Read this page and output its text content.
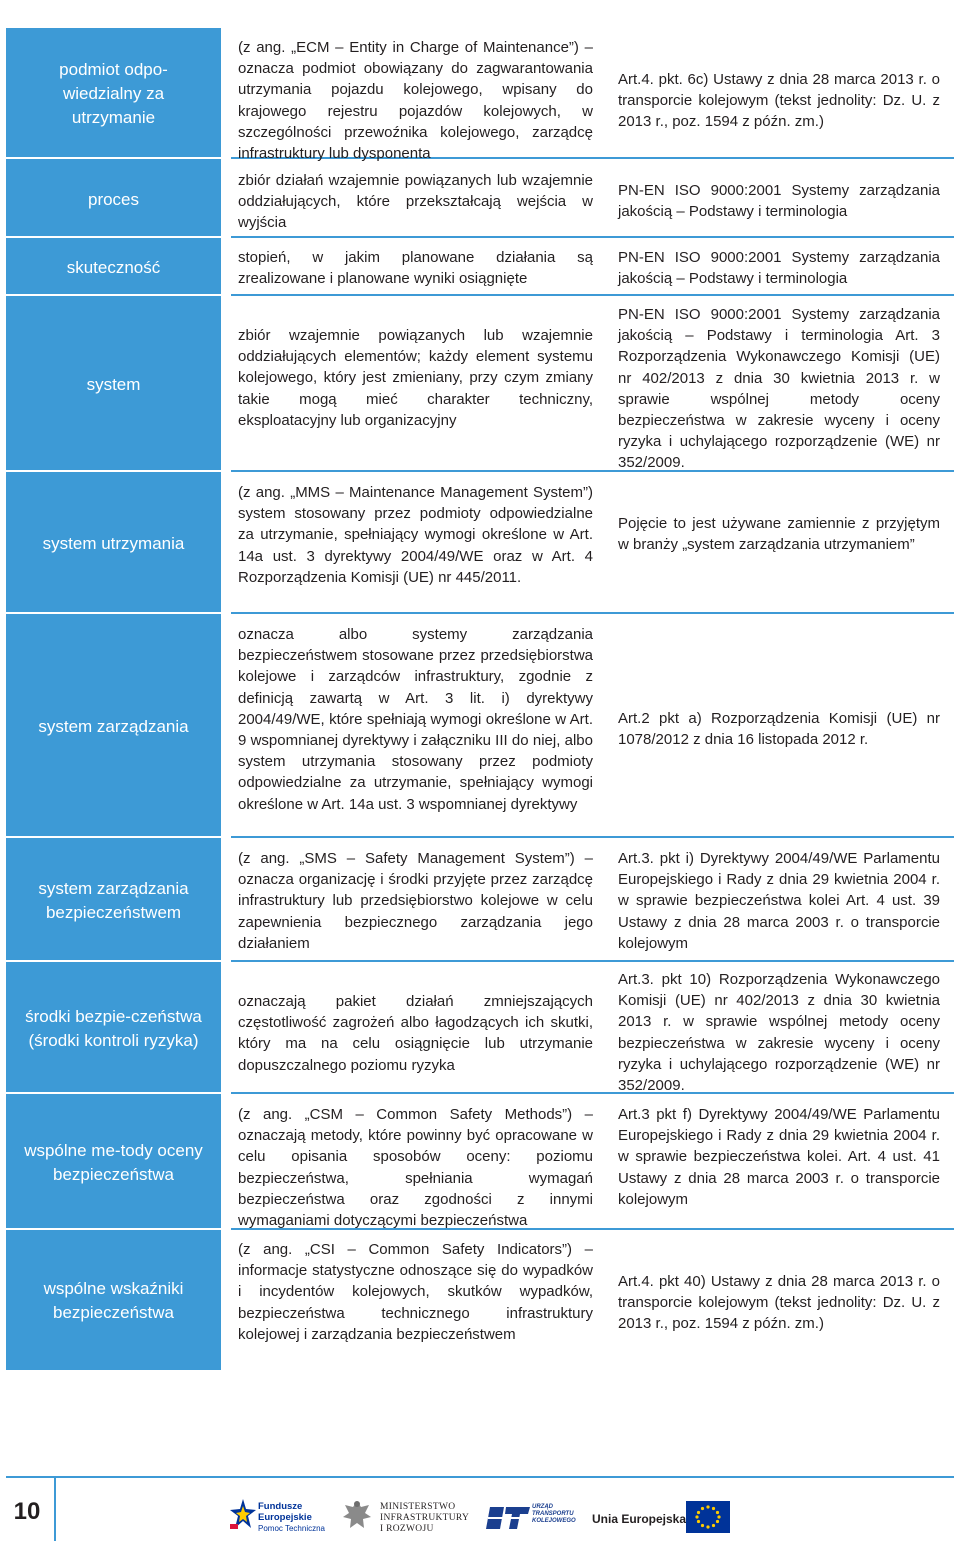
podmiot odpo-wiedzialny za utrzymanie

(z ang. „ECM – Entity in Charge of Maintenance”) – oznacza podmiot obowiązany do zagwarantowania utrzymania pojazdu kolejowego, wpisany do krajowego rejestru pojazdów kolejowych, w szczególności przewoźnika kolejowego, zarządcę infrastruktury lub dysponenta

Art.4. pkt. 6c) Ustawy z dnia 28 marca 2013 r. o transporcie kolejowym (tekst jednolity: Dz. U. z 2013 r., poz. 1594 z późn. zm.)

proces

zbiór działań wzajemnie powiązanych lub wzajemnie oddziałujących, które przekształcają wejścia w wyjścia

PN-EN ISO 9000:2001 Systemy zarządzania jakością – Podstawy i terminologia

skuteczność

stopień, w jakim planowane działania są zrealizowane i planowane wyniki osiągnięte

PN-EN ISO 9000:2001 Systemy zarządzania jakością – Podstawy i terminologia

system

zbiór wzajemnie powiązanych lub wzajemnie oddziałujących elementów; każdy element systemu kolejowego, który jest zmieniany, przy czym zmiany takie mogą mieć charakter techniczny, eksploatacyjny lub organizacyjny

PN-EN ISO 9000:2001 Systemy zarządzania jakością – Podstawy i terminologia Art. 3 Rozporządzenia Wykonawczego Komisji (UE) nr 402/2013 z dnia 30 kwietnia 2013 r. w sprawie wspólnej metody oceny bezpieczeństwa w zakresie wyceny i oceny ryzyka i uchylającego rozporządzenie (WE) nr 352/2009.

system utrzymania

(z ang. „MMS – Maintenance Management System”) system stosowany przez podmioty odpowiedzialne za utrzymanie, spełniający wymogi określone w Art. 14a ust. 3 dyrektywy 2004/49/WE oraz w Art. 4 Rozporządzenia Komisji (UE) nr 445/2011.

Pojęcie to jest używane zamiennie z przyjętym w branży „system zarządzania utrzymaniem”

system zarządzania

oznacza albo systemy zarządzania bezpieczeństwem stosowane przez przedsiębiorstwa kolejowe i zarządców infrastruktury, zgodnie z definicją zawartą w Art. 3 lit. i) dyrektywy 2004/49/WE, które spełniają wymogi określone w Art. 9 wspomnianej dyrektywy i załączniku III do niej, albo system utrzymania stosowany przez podmioty odpowiedzialne za utrzymanie, spełniający wymogi określone w Art. 14a ust. 3 wspomnianej dyrektywy

Art.2 pkt a) Rozporządzenia Komisji (UE) nr 1078/2012 z dnia 16 listopada 2012 r.

system zarządzania bezpieczeństwem

(z ang. „SMS – Safety Management System”) – oznacza organizację i środki przyjęte przez zarządcę infrastruktury lub przedsiębiorstwo kolejowe w celu zapewnienia bezpiecznego zarządzania jego działaniem

Art.3. pkt i) Dyrektywy 2004/49/WE Parlamentu Europejskiego i Rady z dnia 29 kwietnia 2004 r. w sprawie bezpieczeństwa kolei Art. 4 ust. 39 Ustawy z dnia 28 marca 2003 r. o transporcie kolejowym

środki bezpie-czeństwa (środki kontroli ryzyka)

oznaczają pakiet działań zmniejszających częstotliwość zagrożeń albo łagodzących ich skutki, który ma na celu osiągnięcie lub utrzymanie dopuszczalnego poziomu ryzyka

Art.3. pkt 10) Rozporządzenia Wykonawczego Komisji (UE) nr 402/2013 z dnia 30 kwietnia 2013 r. w sprawie wspólnej metody oceny bezpieczeństwa w zakresie wyceny i oceny ryzyka i uchylającego rozporządzenie (WE) nr 352/2009.

wspólne me-tody oceny bezpieczeństwa

(z ang. „CSM – Common Safety Methods”) – oznaczają metody, które powinny być opracowane w celu opisania sposobów oceny: poziomu bezpieczeństwa, spełniania wymagań bezpieczeństwa oraz zgodności z innymi wymaganiami dotyczącymi bezpieczeństwa

Art.3 pkt f) Dyrektywy 2004/49/WE Parlamentu Europejskiego i Rady z dnia 29 kwietnia 2004 r. w sprawie bezpieczeństwa kolei. Art. 4 ust. 41 Ustawy z dnia 28 marca 2003 r. o transporcie kolejowym

wspólne wskaźniki bezpieczeństwa

(z ang. „CSI – Common Safety Indicators”) – informacje statystyczne odnoszące się do wypadków i incydentów kolejowych, skutków wypadków, bezpieczeństwa technicznego infrastruktury kolejowej i zarządzania bezpieczeństwem

Art.4. pkt 40) Ustawy z dnia 28 marca 2013 r. o transporcie kolejowym (tekst jednolity: Dz. U. z 2013 r., poz. 1594 z późn. zm.)

10	Fundusze
Europejskie
Pomoc Techniczna
MINISTERSTWO
INFRASTRUKTURY
I ROZWOJU
URZĄD
TRANSPORTU
KOLEJOWEGO Unia Europejska
